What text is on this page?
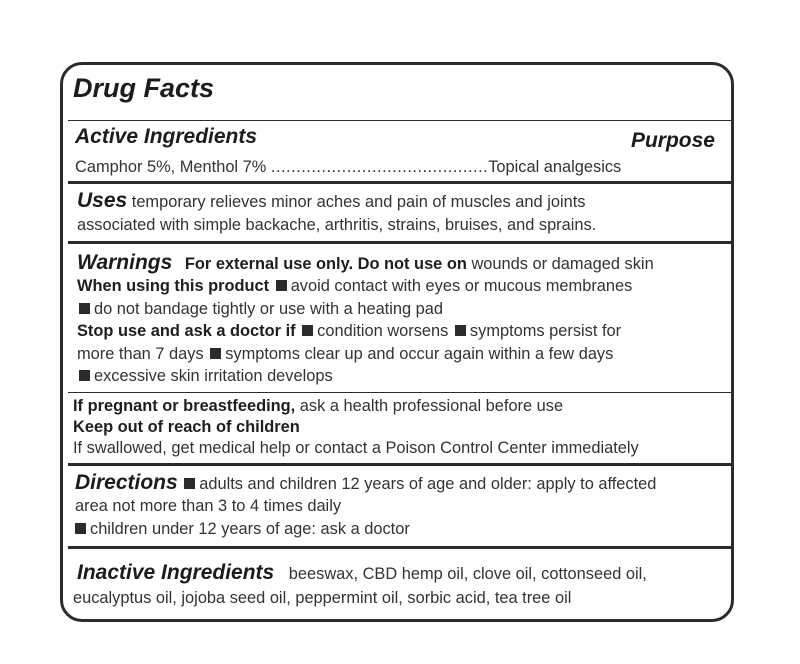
Drug Facts
Active Ingredients	Purpose
Camphor 5%, Menthol 7% ...........................................Topical analgesics
Uses temporary relieves minor aches and pain of muscles and joints
associated with simple backache, arthritis, strains, bruises, and sprains.
Warnings For external use only. Do not use on wounds or damaged skin
When using this product avoid contact with eyes or mucous membranes
do not bandage tightly or use with a heating pad
Stop use and ask a doctor if condition worsens symptoms persist for
more than 7 days symptoms clear up and occur again within a few days
excessive skin irritation develops
If pregnant or breastfeeding, ask a health professional before use
Keep out of reach of children
If swallowed, get medical help or contact a Poison Control Center immediately
Directions adults and children 12 years of age and older: apply to affected
area not more than 3 to 4 times daily
children under 12 years of age: ask a doctor
Inactive Ingredients beeswax, CBD hemp oil, clove oil, cottonseed oil,
eucalyptus oil, jojoba seed oil, peppermint oil, sorbic acid, tea tree oil
